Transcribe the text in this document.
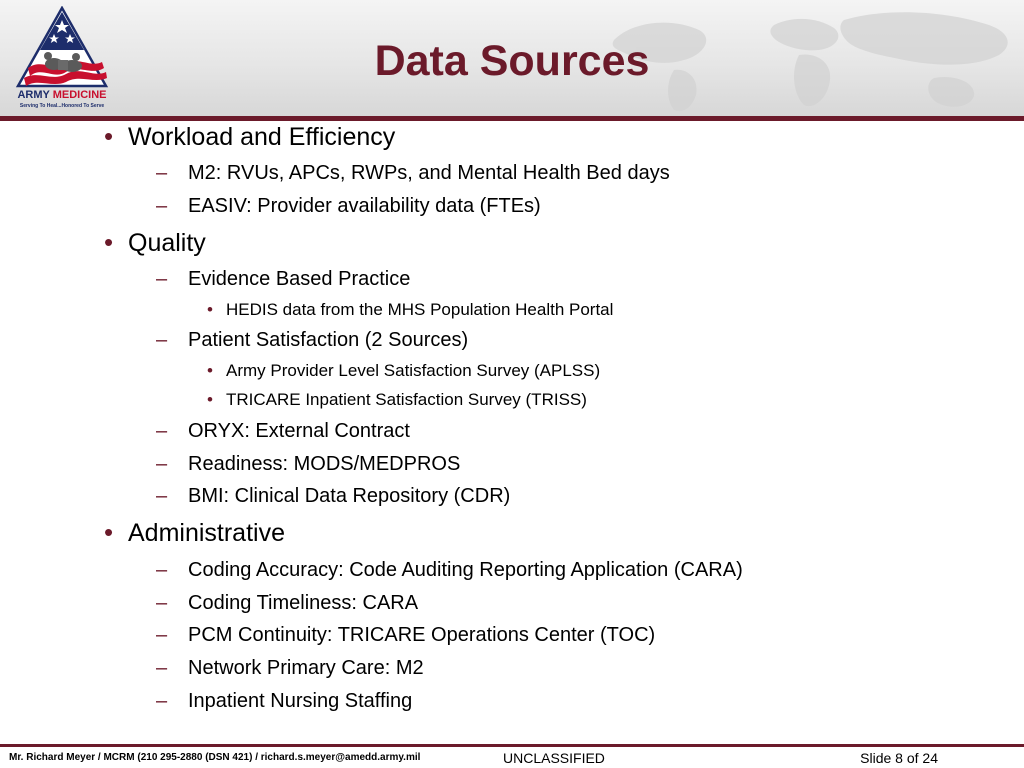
ARMY MEDICINE
Serving To Heal...Honored To Serve
Data Sources
• Workload and Efficiency
– M2: RVUs, APCs, RWPs, and Mental Health Bed days
– EASIV: Provider availability data (FTEs)
• Quality
– Evidence Based Practice
• HEDIS data from the MHS Population Health Portal
– Patient Satisfaction (2 Sources)
• Army Provider Level Satisfaction Survey (APLSS)
• TRICARE Inpatient Satisfaction Survey (TRISS)
– ORYX: External Contract
– Readiness: MODS/MEDPROS
– BMI: Clinical Data Repository (CDR)
• Administrative
– Coding Accuracy: Code Auditing Reporting Application (CARA)
– Coding Timeliness: CARA
– PCM Continuity: TRICARE Operations Center (TOC)
– Network Primary Care: M2
– Inpatient Nursing Staffing
Mr. Richard Meyer / MCRM (210 295-2880 (DSN 421) / richard.s.meyer@amedd.army.mil	UNCLASSIFIED	Slide 8 of 24
